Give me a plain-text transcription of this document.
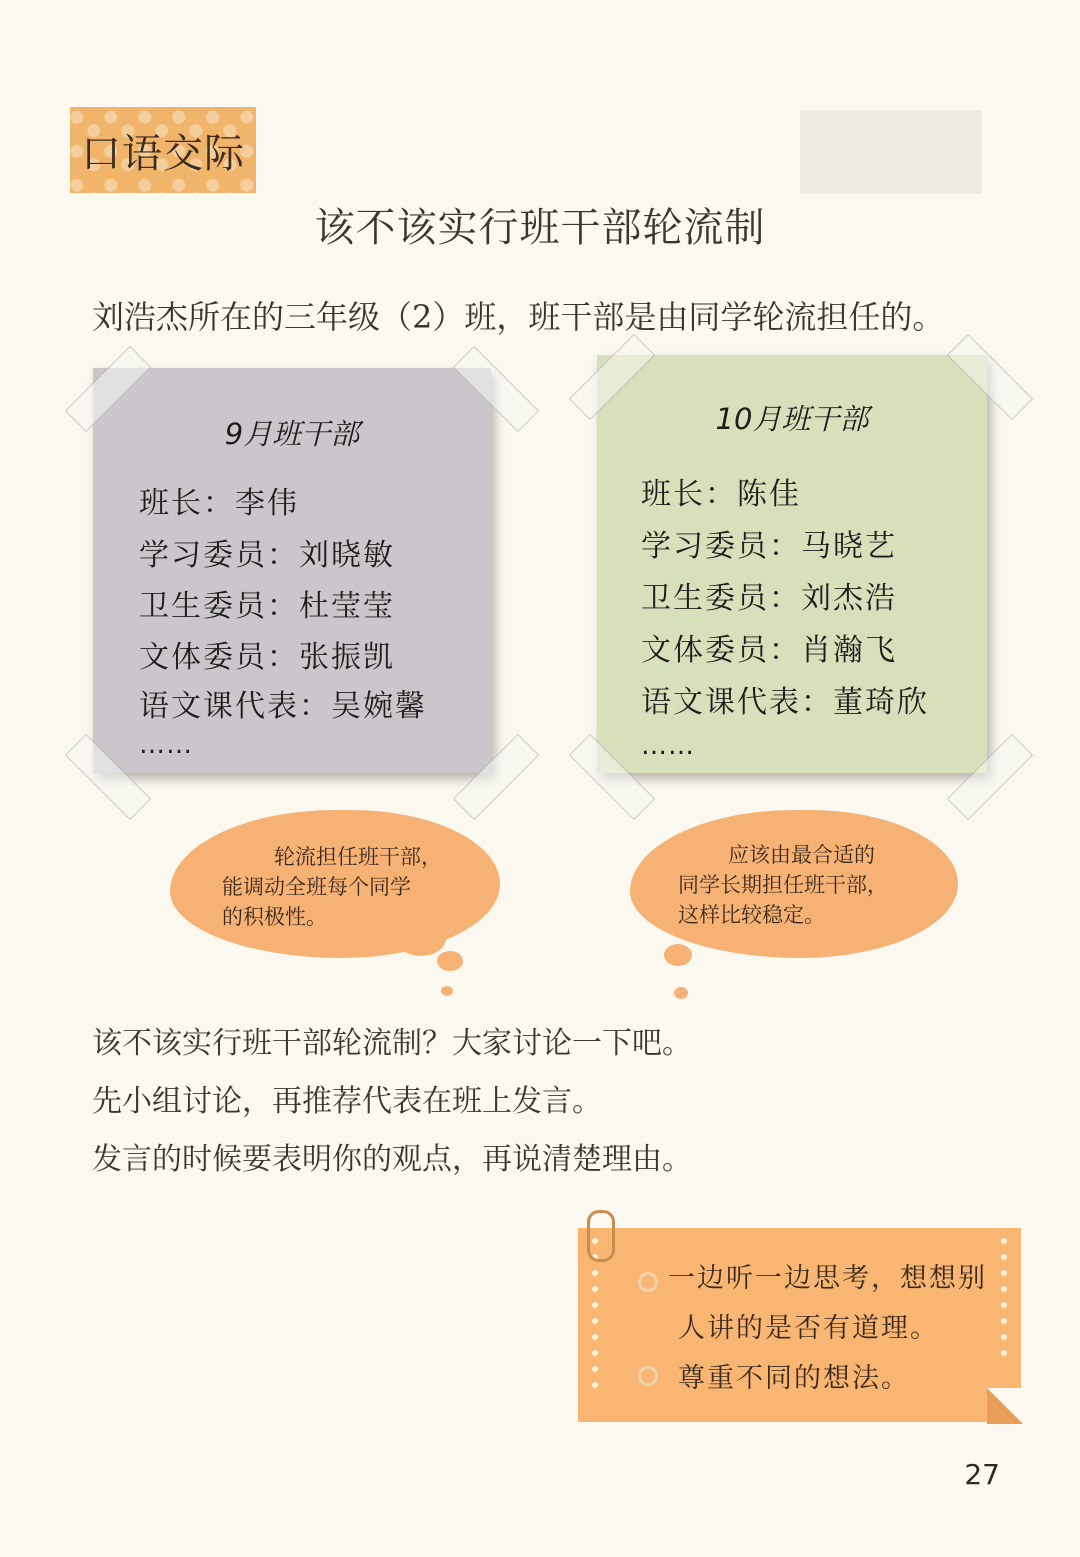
口语交际
该不该实行班干部轮流制
刘浩杰所在的三年级（2）班，班干部是由同学轮流担任的。
9月班干部
班长：李伟
学习委员：刘晓敏
卫生委员：杜莹莹
文体委员：张振凯
语文课代表：吴婉馨
……
10月班干部
班长：陈佳
学习委员：马晓艺
卫生委员：刘杰浩
文体委员：肖瀚飞
语文课代表：董琦欣
……
轮流担任班干部，
能调动全班每个同学
的积极性。
应该由最合适的
同学长期担任班干部，
这样比较稳定。
该不该实行班干部轮流制？大家讨论一下吧。
先小组讨论，再推荐代表在班上发言。
发言的时候要表明你的观点，再说清楚理由。
一边听一边思考，想想别
人讲的是否有道理。
尊重不同的想法。
27
